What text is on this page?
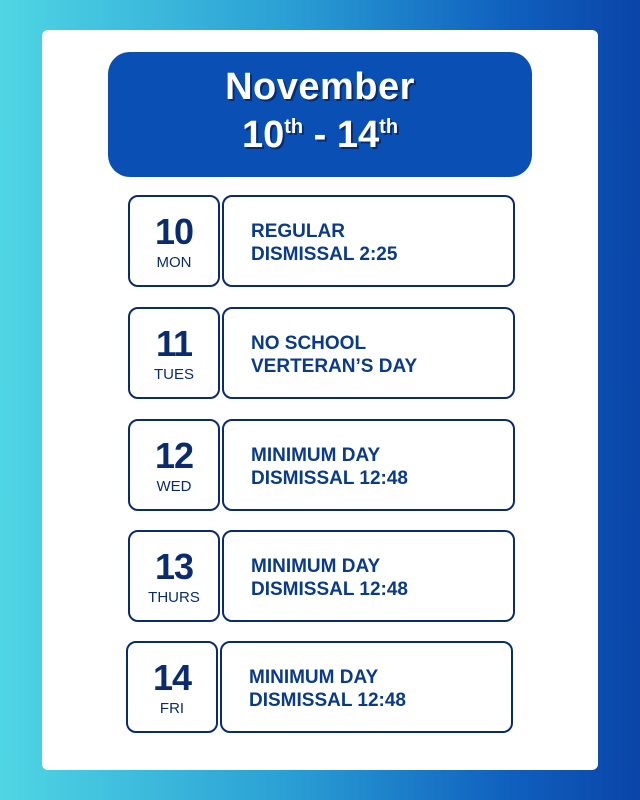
November
10th - 14th
10
MON
REGULAR
DISMISSAL 2:25
11
TUES
NO SCHOOL
VERTERAN’S DAY
12
WED
MINIMUM DAY
DISMISSAL 12:48
13
THURS
MINIMUM DAY
DISMISSAL 12:48
14
FRI
MINIMUM DAY
DISMISSAL 12:48
